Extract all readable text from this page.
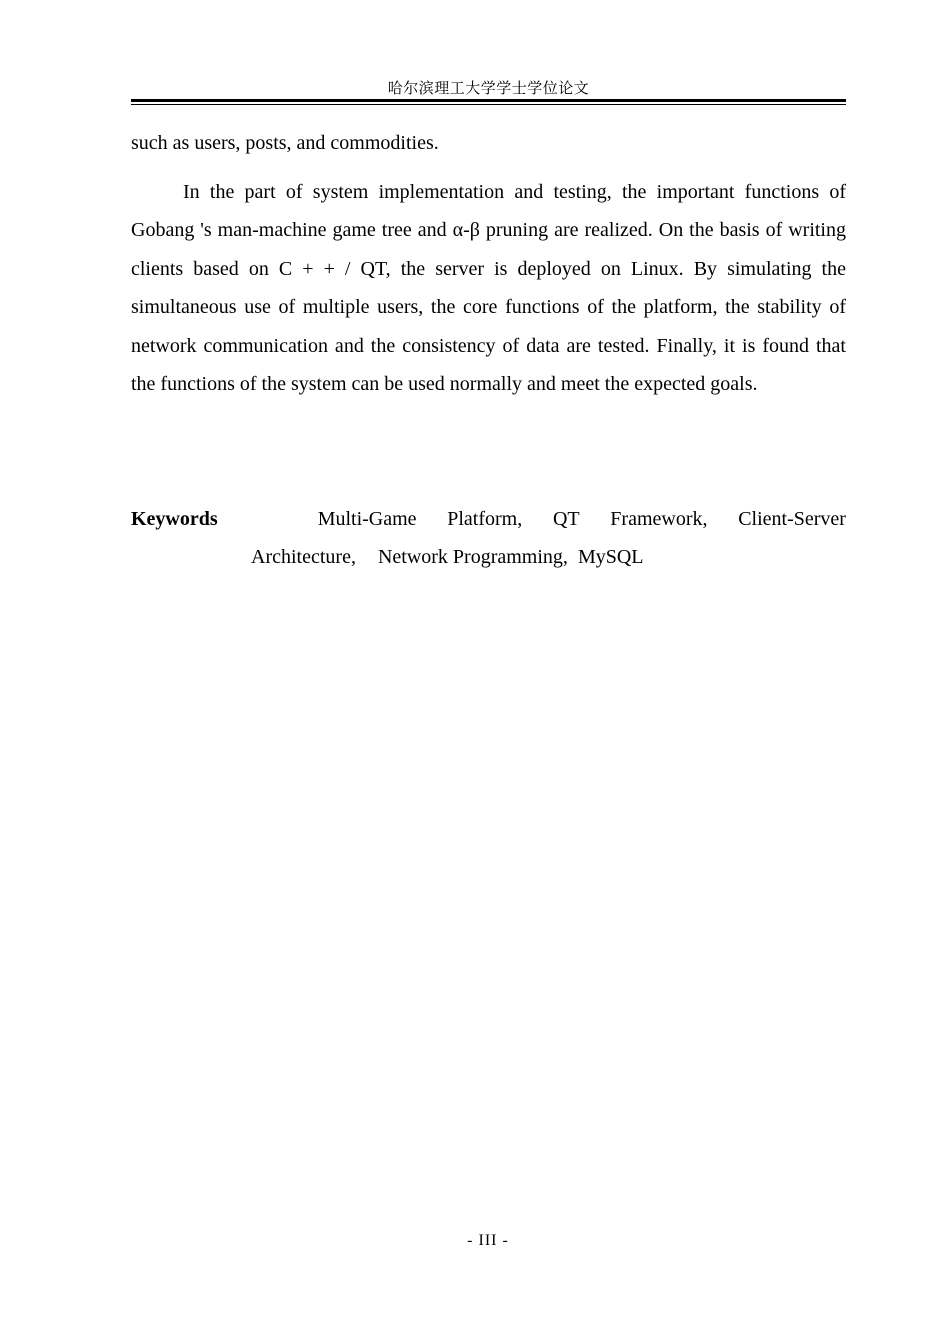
哈尔滨理工大学学士学位论文

such as users, posts, and commodities.

In the part of system implementation and testing, the important functions of Gobang 's man-machine game tree and α-β pruning are realized. On the basis of writing clients based on C + + / QT, the server is deployed on Linux. By simulating the simultaneous use of multiple users, the core functions of the platform, the stability of network communication and the consistency of data are tested. Finally, it is found that the functions of the system can be used normally and meet the expected goals.

Keywords	Multi-Game Platform, QT Framework, Client-Server
Architecture, Network Programming, MySQL
- III -
